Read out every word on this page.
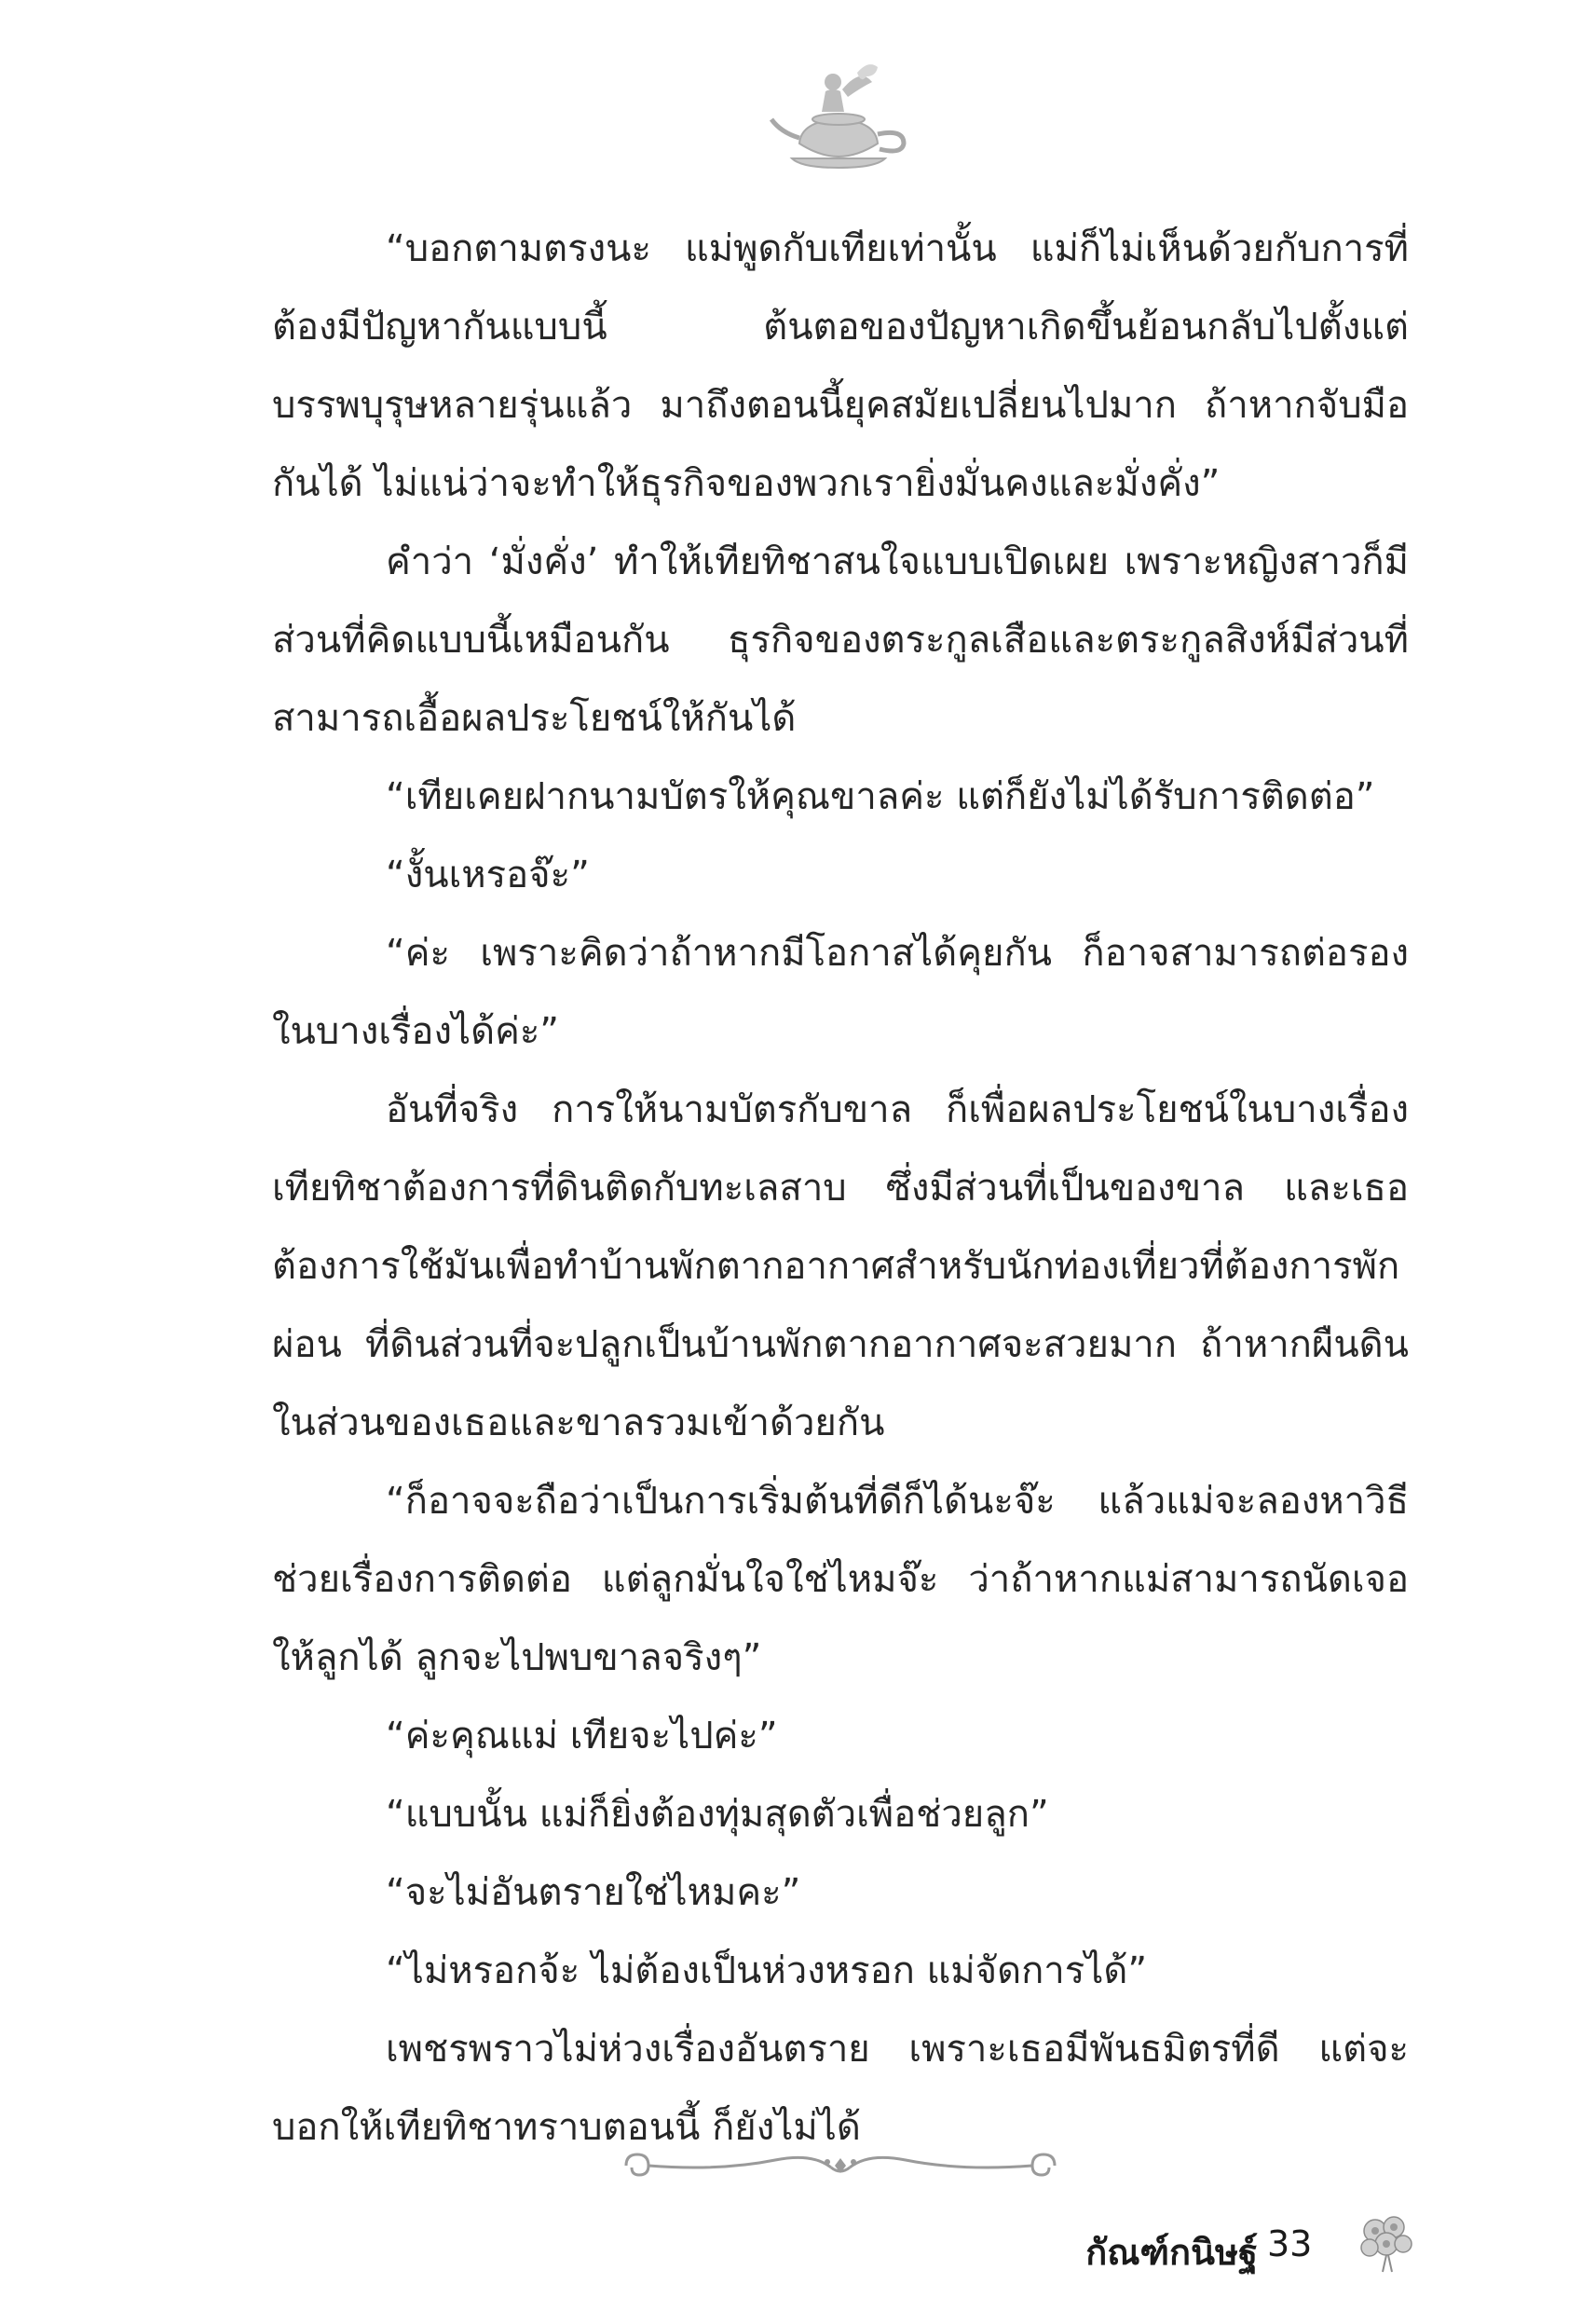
“บอกตามตรงนะ แม่พูดกับเทียเท่านั้น แม่ก็ไม่เห็นด้วยกับการที่ต้องมีปัญหากันแบบนี้ ต้นตอของปัญหาเกิดขึ้นย้อนกลับไปตั้งแต่บรรพบุรุษหลายรุ่นแล้ว มาถึงตอนนี้ยุคสมัยเปลี่ยนไปมาก ถ้าหากจับมือกันได้ ไม่แน่ว่าจะทำให้ธุรกิจของพวกเรายิ่งมั่นคงและมั่งคั่ง”

คำว่า ‘มั่งคั่ง’ ทำให้เทียทิชาสนใจแบบเปิดเผย เพราะหญิงสาวก็มีส่วนที่คิดแบบนี้เหมือนกัน ธุรกิจของตระกูลเสือและตระกูลสิงห์มีส่วนที่สามารถเอื้อผลประโยชน์ให้กันได้

“เทียเคยฝากนามบัตรให้คุณขาลค่ะ แต่ก็ยังไม่ได้รับการติดต่อ”

“งั้นเหรอจ๊ะ”

“ค่ะ เพราะคิดว่าถ้าหากมีโอกาสได้คุยกัน ก็อาจสามารถต่อรองในบางเรื่องได้ค่ะ”

อันที่จริง การให้นามบัตรกับขาล ก็เพื่อผลประโยชน์ในบางเรื่อง เทียทิชาต้องการที่ดินติดกับทะเลสาบ ซึ่งมีส่วนที่เป็นของขาล และเธอต้องการใช้มันเพื่อทำบ้านพักตากอากาศสำหรับนักท่องเที่ยวที่ต้องการพักผ่อน ที่ดินส่วนที่จะปลูกเป็นบ้านพักตากอากาศจะสวยมาก ถ้าหากผืนดินในส่วนของเธอและขาลรวมเข้าด้วยกัน

“ก็อาจจะถือว่าเป็นการเริ่มต้นที่ดีก็ได้นะจ๊ะ แล้วแม่จะลองหาวิธีช่วยเรื่องการติดต่อ แต่ลูกมั่นใจใช่ไหมจ๊ะ ว่าถ้าหากแม่สามารถนัดเจอให้ลูกได้ ลูกจะไปพบขาลจริงๆ”

“ค่ะคุณแม่ เทียจะไปค่ะ”

“แบบนั้น แม่ก็ยิ่งต้องทุ่มสุดตัวเพื่อช่วยลูก”

“จะไม่อันตรายใช่ไหมคะ”

“ไม่หรอกจ้ะ ไม่ต้องเป็นห่วงหรอก แม่จัดการได้”

เพชรพราวไม่ห่วงเรื่องอันตราย เพราะเธอมีพันธมิตรที่ดี แต่จะบอกให้เทียทิชาทราบตอนนี้ ก็ยังไม่ได้

กัณฑ์กนิษฐ์ 33
